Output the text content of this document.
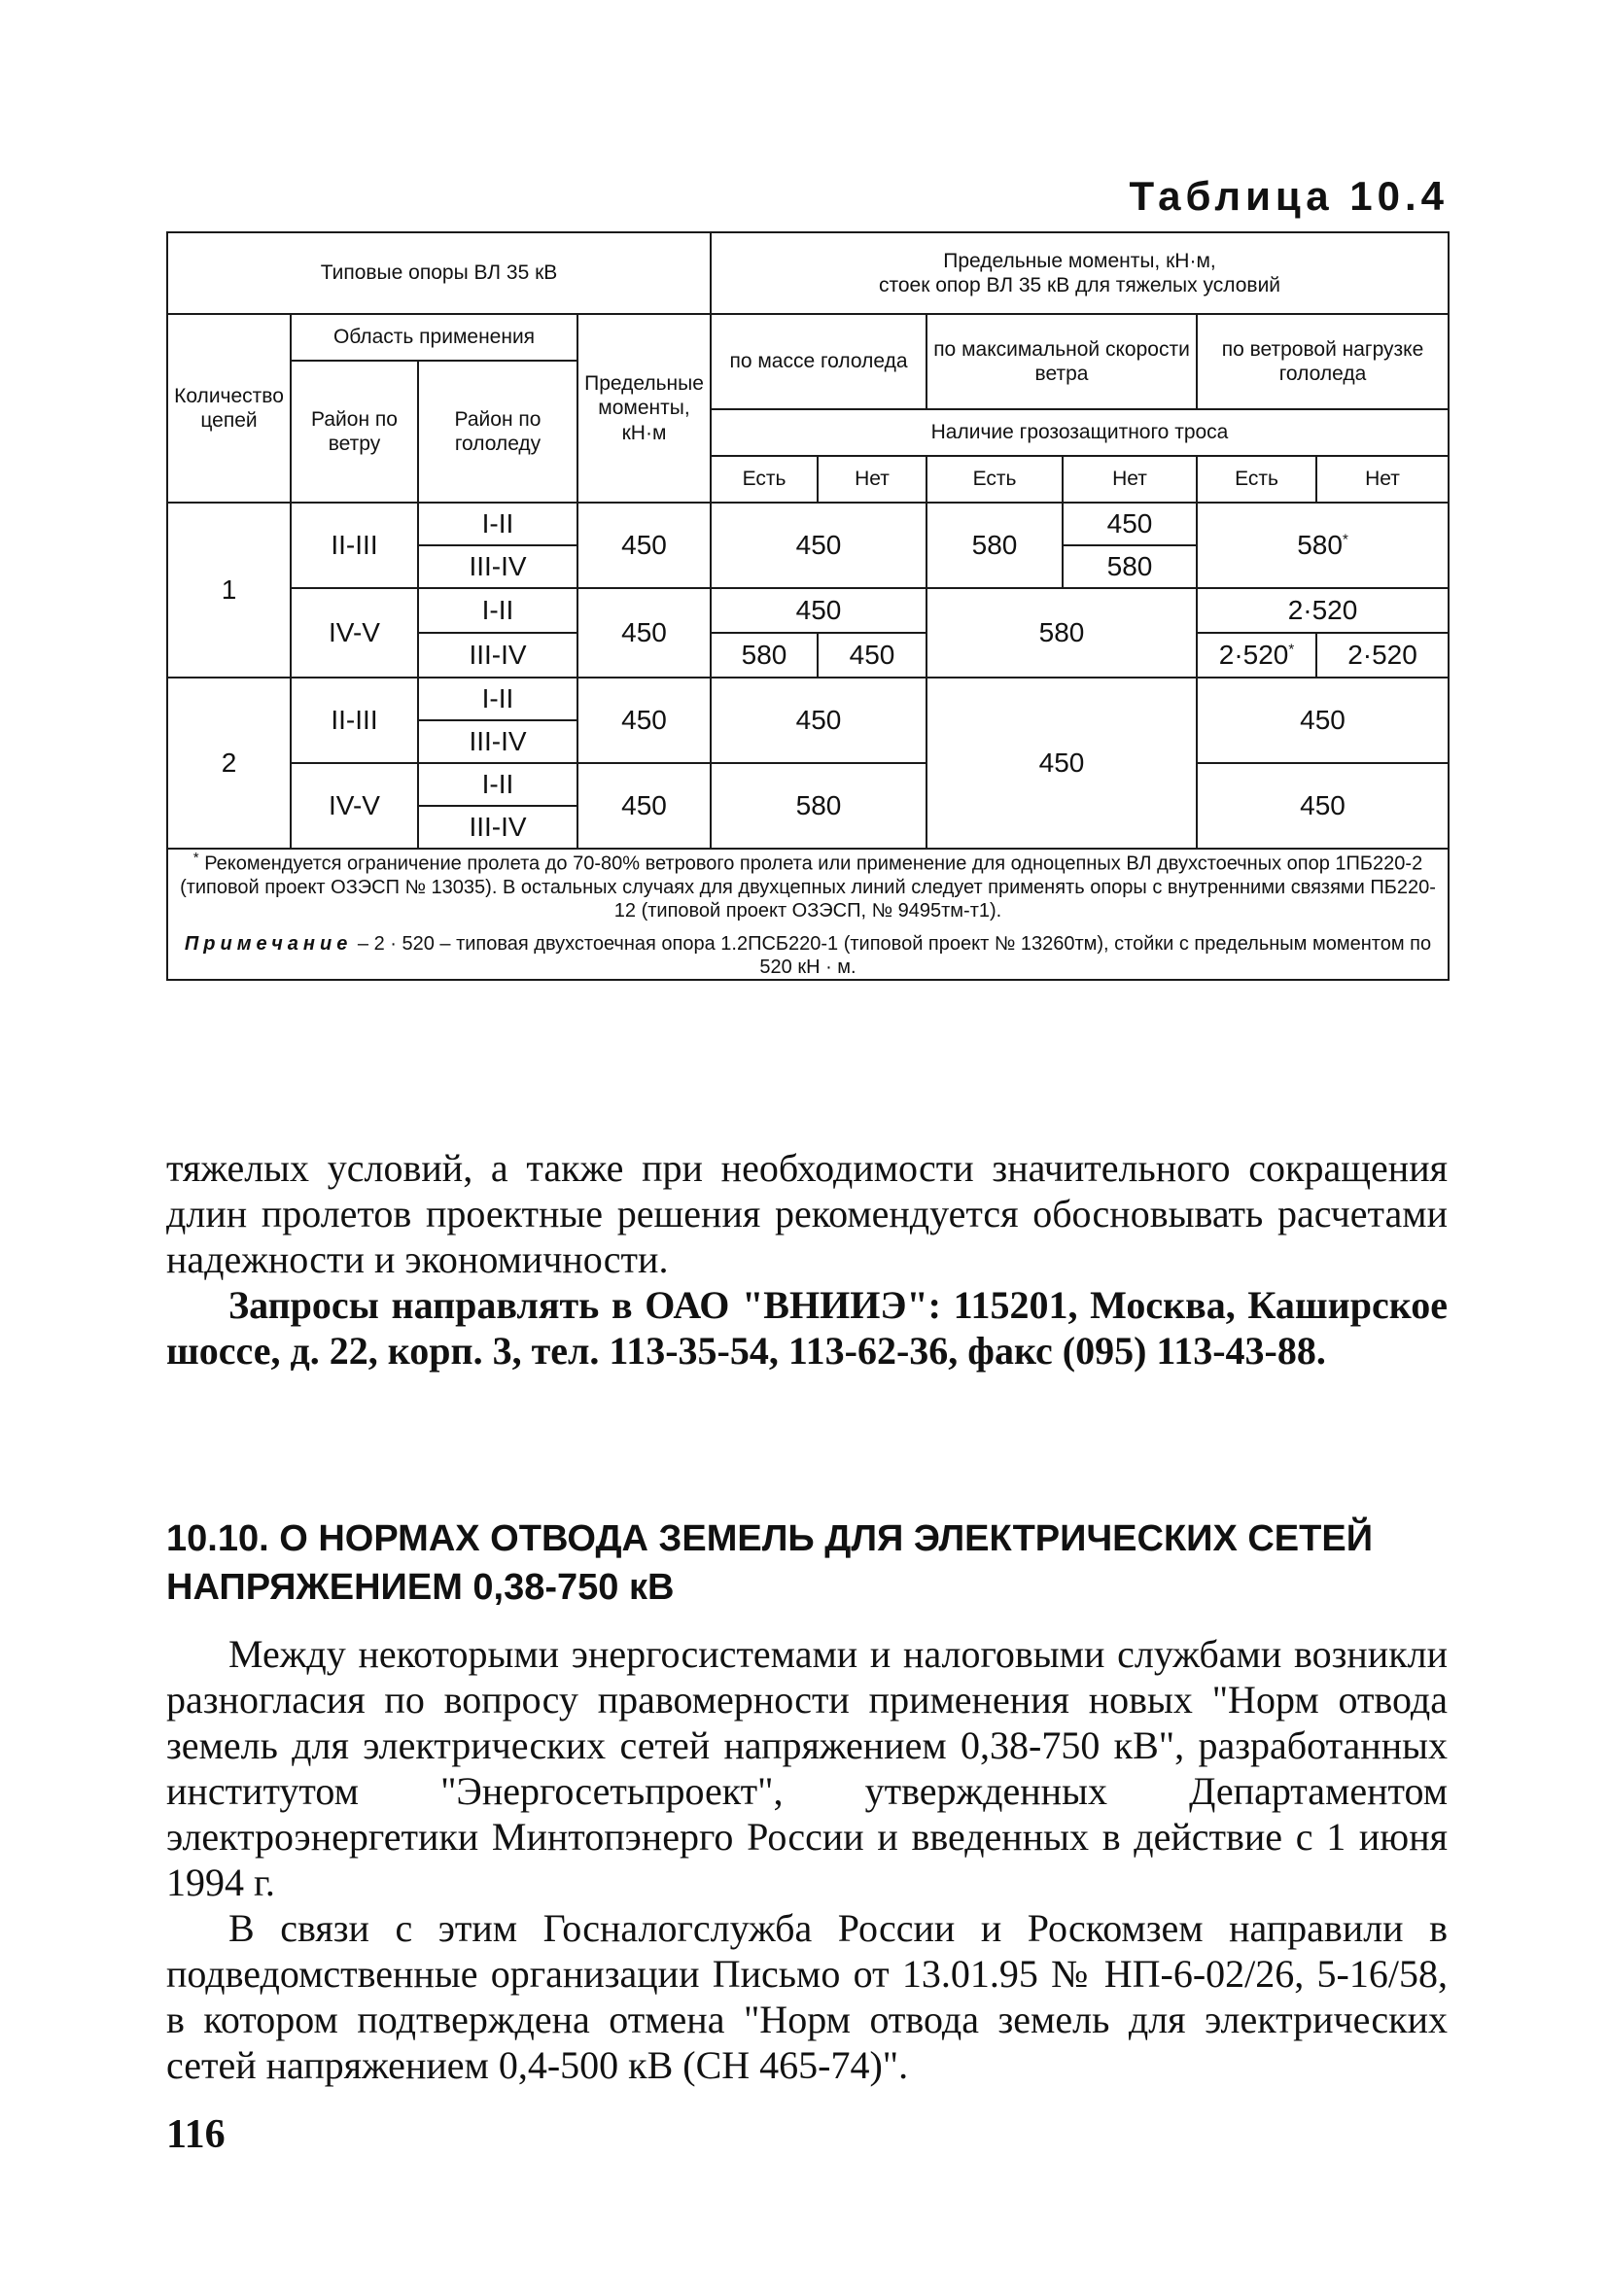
Таблица 10.4
Типовые опоры ВЛ 35 кВ				Предельные моменты, кН·м,
стоек опор ВЛ 35 кВ для тяжелых условий					

Количество цепей	Область применения		Предельные моменты, кН·м	по массе гололеда		по максимальной скорости ветра		по ветровой нагрузке гололеда	
	Район по ветру	Район по гололеду							
				Наличие грозозащитного троса					
				Есть	Нет	Есть	Нет	Есть	Нет
1	II-III	I-II	450	450		580	450	580*
		III-IV					580		
	IV-V	I-II	450	450		580		2·520	
		III-IV		580	450			2·520*	2·520
2	II-III	I-II	450	450		450		450	
		III-IV							
	IV-V	I-II	450	580				450	
		III-IV							

* Рекомендуется ограничение пролета до 70-80% ветрового пролета или применение для одноцепных ВЛ двухстоечных опор 1ПБ220-2 (типовой проект ОЗЭСП № 13035). В остальных случаях для двухцепных линий следует применять опоры с внутренними связями ПБ220-12 (типовой проект ОЗЭСП, № 9495тм-т1).
Примечание – 2 · 520 – типовая двухстоечная опора 1.2ПСБ220-1 (типовой проект № 13260тм), стойки с предельным моментом по 520 кН · м.									

тяжелых условий, а также при необходимости значительного сокращения длин пролетов проектные решения рекомендуется обосновывать расчетами надежности и экономичности.

Запросы направлять в ОАО "ВНИИЭ": 115201, Москва, Каширское шоссе, д. 22, корп. 3, тел. 113-35-54, 113-62-36, факс (095) 113-43-88.

10.10. О НОРМАХ ОТВОДА ЗЕМЕЛЬ ДЛЯ ЭЛЕКТРИЧЕСКИХ СЕТЕЙ НАПРЯЖЕНИЕМ 0,38-750 кВ

Между некоторыми энергосистемами и налоговыми службами возникли разногласия по вопросу правомерности применения новых "Норм отвода земель для электрических сетей напряжением 0,38-750 кВ", разработанных институтом "Энергосетьпроект", утвержденных Департаментом электроэнергетики Минтопэнерго России и введенных в действие с 1 июня 1994 г.

В связи с этим Госналогслужба России и Роскомзем направили в подведомственные организации Письмо от 13.01.95 № НП-6-02/26, 5-16/58, в котором подтверждена отмена "Норм отвода земель для электрических сетей напряжением 0,4-500 кВ (СН 465-74)".

116
